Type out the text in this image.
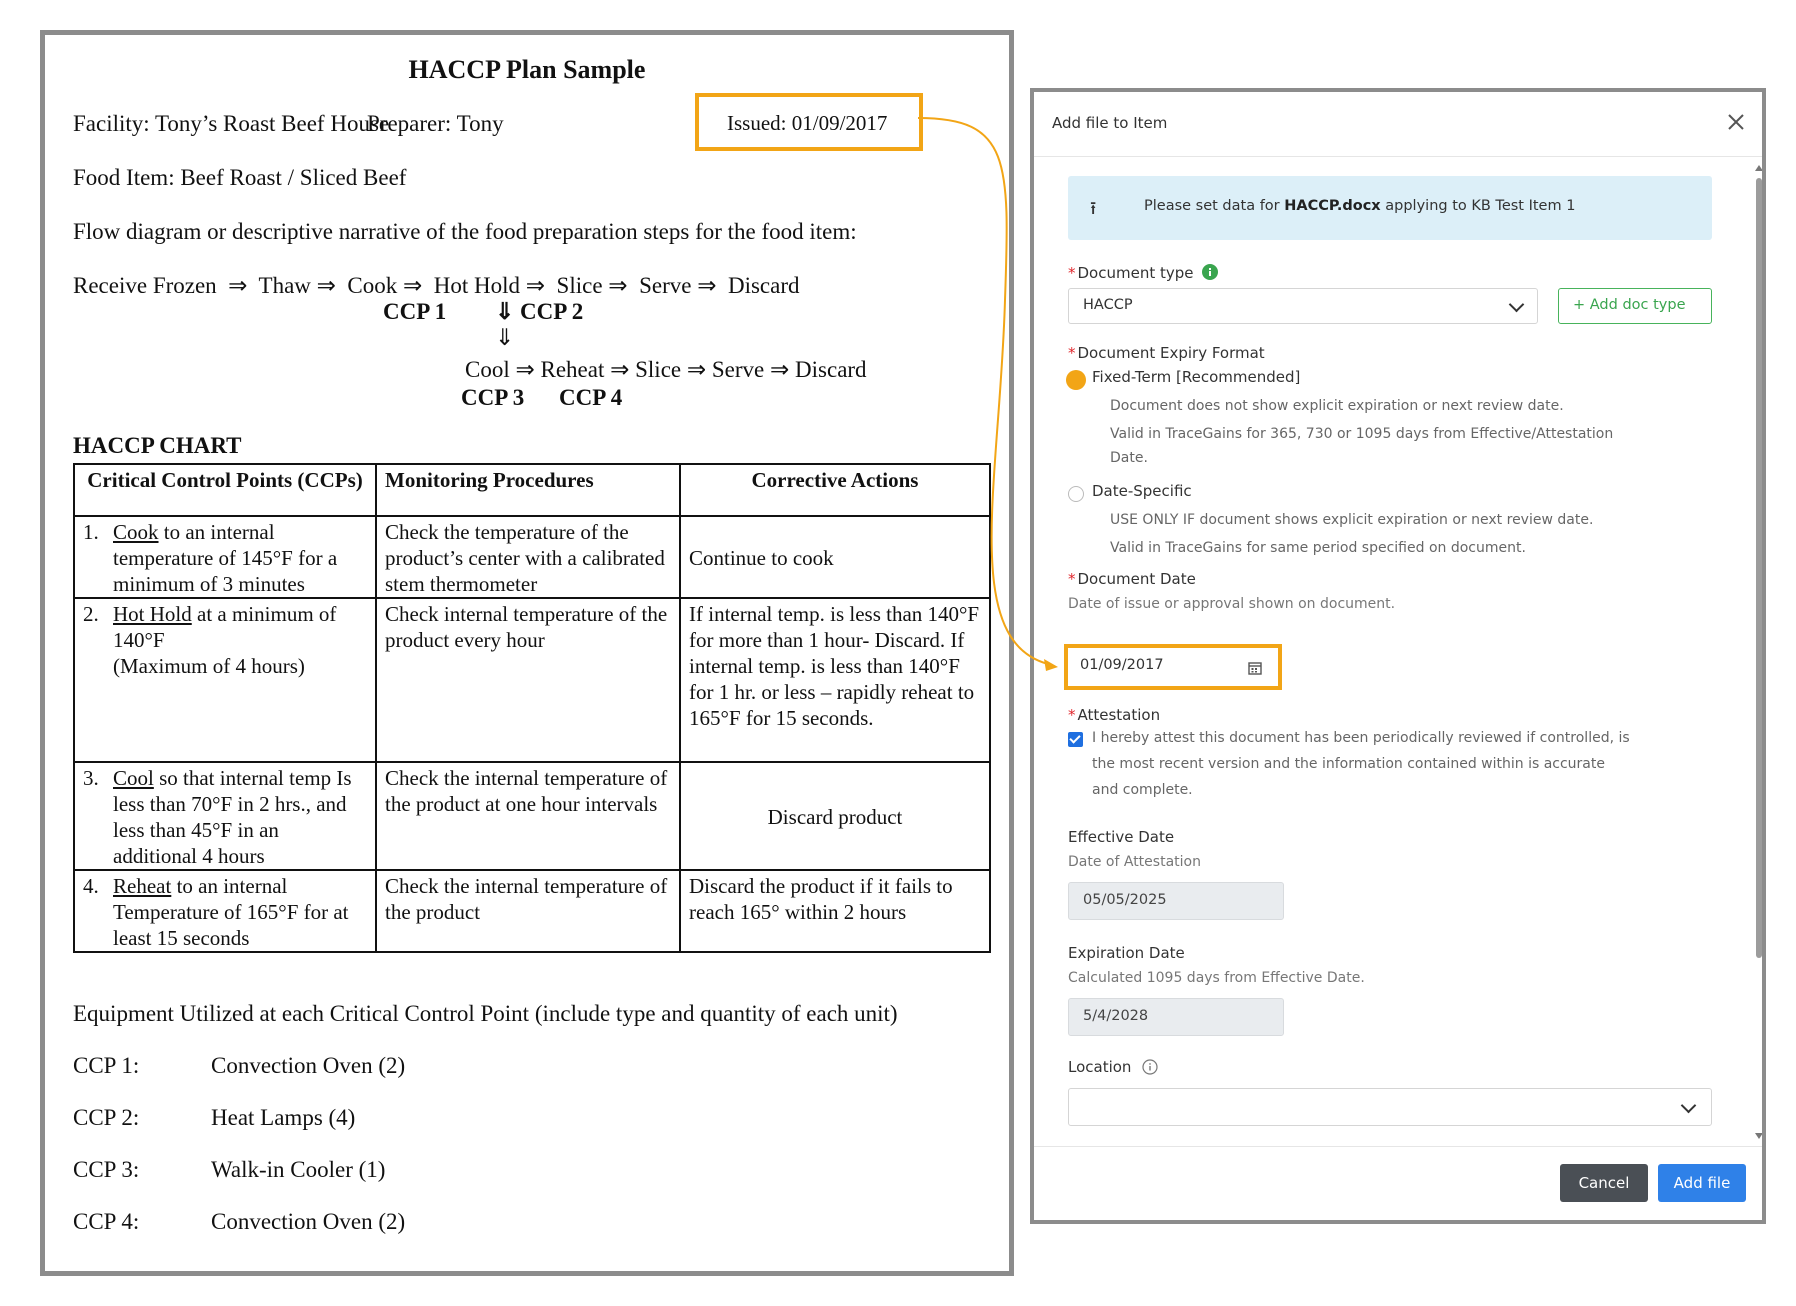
HACCP Plan Sample
Facility: Tony’s Roast Beef House
Preparer: Tony	Issued: 01/09/2017
Food Item: Beef Roast / Sliced Beef
Flow diagram or descriptive narrative of the food preparation steps for the food item:
Receive Frozen  ⇒  Thaw ⇒  Cook ⇒  Hot Hold ⇒  Slice ⇒  Serve ⇒  Discard
CCP 1 ⇓ CCP 2
⇓
Cool ⇒ Reheat ⇒ Slice ⇒ Serve ⇒ Discard
CCP 3 CCP 4
HACCP CHART
Critical Control Points (CCPs)	Monitoring Procedures	Corrective Actions

1. Cook to an internal temperature of 145°F for a minimum of 3 minutes	Check the temperature of the product’s center with a calibrated stem thermometer	Continue to cook

2. Hot Hold at a minimum of 140°F
(Maximum of 4 hours)	Check internal temperature of the product every hour	If internal temp. is less than 140°F for more than 1 hour- Discard. If internal temp. is less than 140°F for 1 hr. or less – rapidly reheat to 165°F for 15 seconds.

3. Cool so that internal temp Is less than 70°F in 2 hrs., and less than 45°F in an additional 4 hours	Check the internal temperature of the product at one hour intervals	Discard product

4. Reheat to an internal Temperature of 165°F for at least 15 seconds	Check the internal temperature of the product	Discard the product if it fails to reach 165° within 2 hours
Equipment Utilized at each Critical Control Point (include type and quantity of each unit)
CCP 1:	Convection Oven (2)
CCP 2:	Heat Lamps (4)
CCP 3:	Walk-in Cooler (1)
CCP 4:	Convection Oven (2)
Add file to Item
⭱	Please set data for HACCP.docx applying to KB Test Item 1
* Document type
HACCP	+ Add doc type
* Document Expiry Format
Fixed-Term [Recommended]
Document does not show explicit expiration or next review date.
Valid in TraceGains for 365, 730 or 1095 days from Effective/Attestation
Date.
Date-Specific
USE ONLY IF document shows explicit expiration or next review date.
Valid in TraceGains for same period specified on document.
* Document Date
Date of issue or approval shown on document.
01/09/2017
* Attestation
I hereby attest this document has been periodically reviewed if controlled, is
the most recent version and the information contained within is accurate
and complete.
Effective Date
Date of Attestation
05/05/2025
Expiration Date
Calculated 1095 days from Effective Date.
5/4/2028
Location
Cancel	Add file
